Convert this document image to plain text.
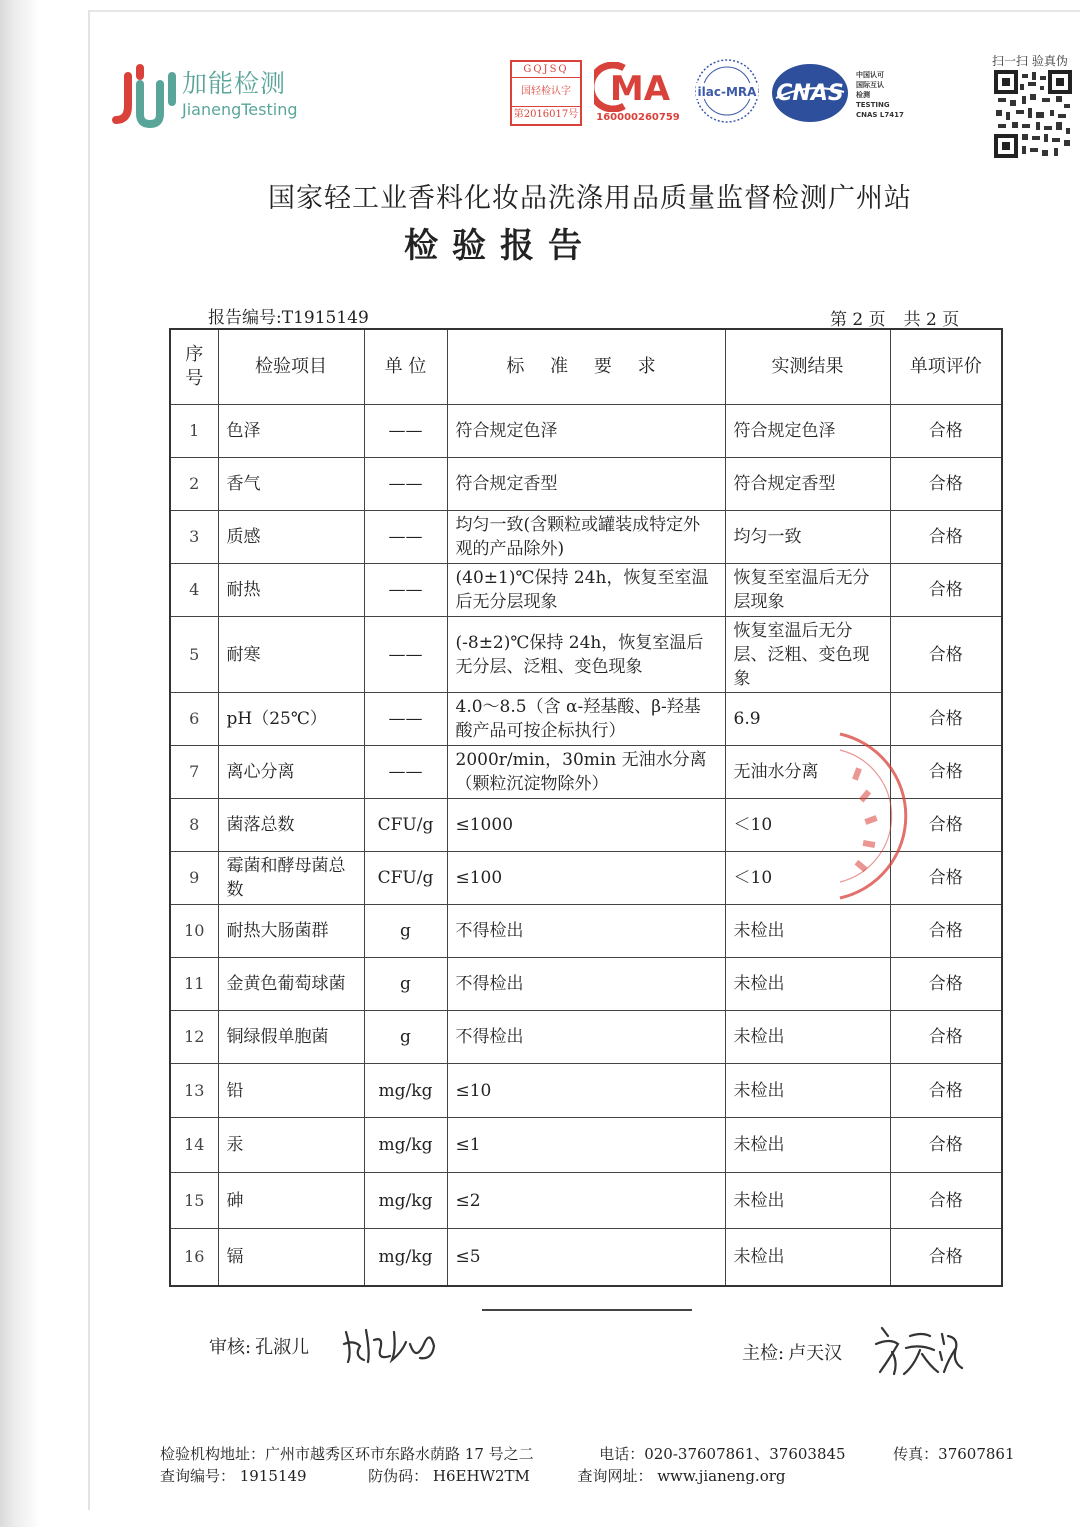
加能检测
JianengTesting
GQJSQ
国轻检认字
第2016017号
MA
160000260759
ilac-MRA CNAS
中国认可
国际互认
检测
TESTING
CNAS L7417
扫一扫 验真伪
国家轻工业香料化妆品洗涤用品质量监督检测广州站
检验报告
报告编号:T1915149	第 2 页 共 2 页
序号	检验项目	单 位	标 准 要 求	实测结果	单项评价
1	色泽	——	符合规定色泽	符合规定色泽	合格
2	香气	——	符合规定香型	符合规定香型	合格
3	质感	——	均匀一致(含颗粒或罐装成特定外观的产品除外)	均匀一致	合格
4	耐热	——	(40±1)℃保持 24h，恢复至室温后无分层现象	恢复至室温后无分层现象	合格
5	耐寒	——	(-8±2)℃保持 24h，恢复室温后无分层、泛粗、变色现象	恢复室温后无分层、泛粗、变色现象	合格
6	pH（25℃）	——	4.0～8.5（含 α-羟基酸、β-羟基酸产品可按企标执行）	6.9	合格
7	离心分离	——	2000r/min，30min 无油水分离（颗粒沉淀物除外）	无油水分离	合格
8	菌落总数	CFU/g	≤1000	＜10	合格
9	霉菌和酵母菌总数	CFU/g	≤100	＜10	合格
10	耐热大肠菌群	g	不得检出	未检出	合格
11	金黄色葡萄球菌	g	不得检出	未检出	合格
12	铜绿假单胞菌	g	不得检出	未检出	合格
13	铅	mg/kg	≤10	未检出	合格
14	汞	mg/kg	≤1	未检出	合格
15	砷	mg/kg	≤2	未检出	合格
16	镉	mg/kg	≤5	未检出	合格
审核: 孔淑儿	主检: 卢天汉
检验机构地址：广州市越秀区环市东路水荫路 17 号之二	电话：020-37607861、37603845	传真：37607861
查询编号： 1915149	防伪码： H6EHW2TM	查询网址： www.jianeng.org
